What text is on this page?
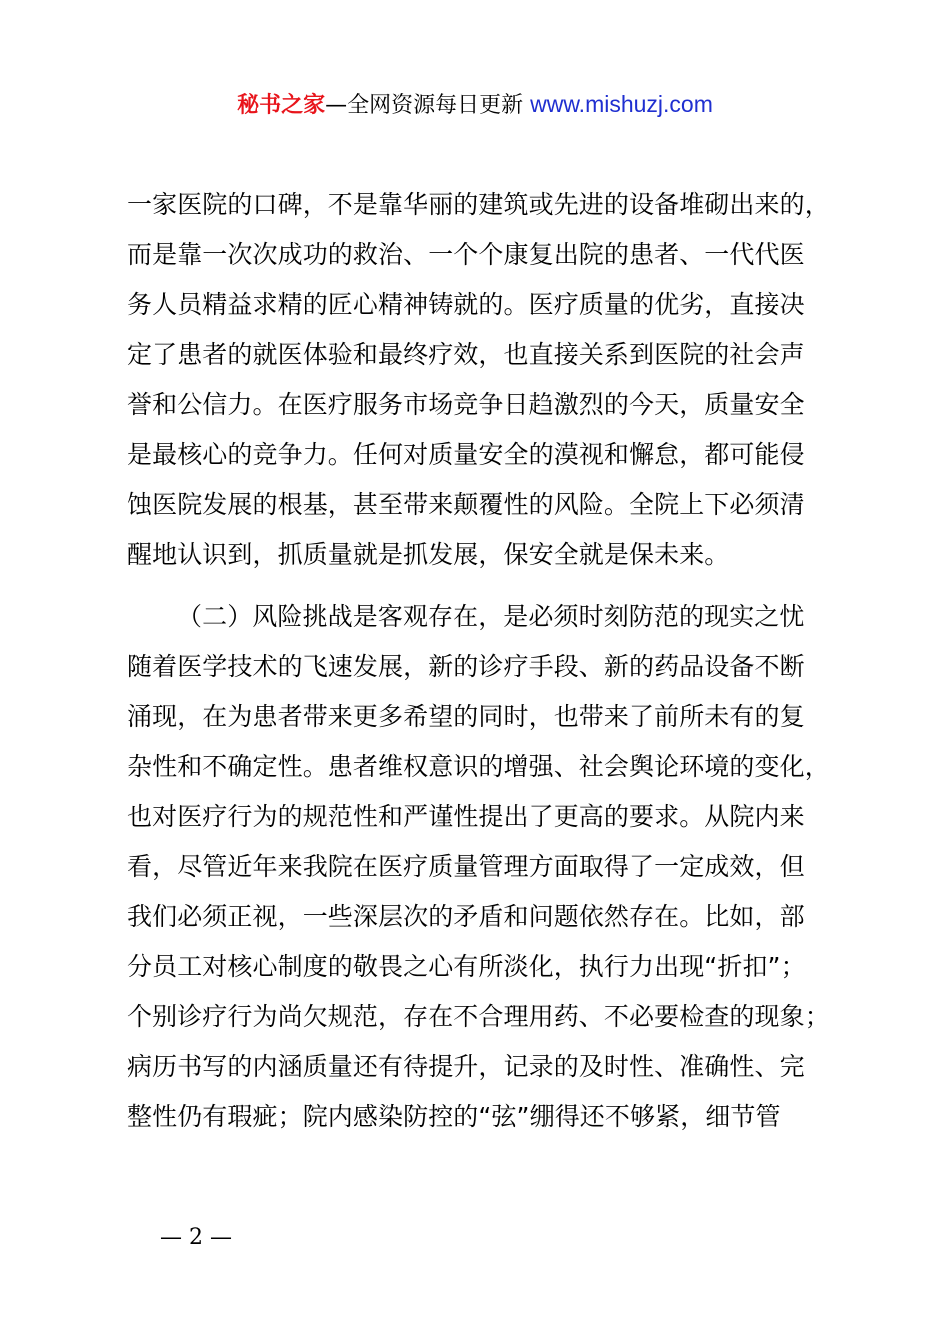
秘书之家—全网资源每日更新 www.mishuzj.com
一家医院的口碑，不是靠华丽的建筑或先进的设备堆砌出来的，
而是靠一次次成功的救治、一个个康复出院的患者、一代代医
务人员精益求精的匠心精神铸就的。医疗质量的优劣，直接决
定了患者的就医体验和最终疗效，也直接关系到医院的社会声
誉和公信力。在医疗服务市场竞争日趋激烈的今天，质量安全
是最核心的竞争力。任何对质量安全的漠视和懈怠，都可能侵
蚀医院发展的根基，甚至带来颠覆性的风险。全院上下必须清
醒地认识到，抓质量就是抓发展，保安全就是保未来。
（二）风险挑战是客观存在，是必须时刻防范的现实之忧
随着医学技术的飞速发展，新的诊疗手段、新的药品设备不断
涌现，在为患者带来更多希望的同时，也带来了前所未有的复
杂性和不确定性。患者维权意识的增强、社会舆论环境的变化，
也对医疗行为的规范性和严谨性提出了更高的要求。从院内来
看，尽管近年来我院在医疗质量管理方面取得了一定成效，但
我们必须正视，一些深层次的矛盾和问题依然存在。比如，部
分员工对核心制度的敬畏之心有所淡化，执行力出现“折扣”；
个别诊疗行为尚欠规范，存在不合理用药、不必要检查的现象；
病历书写的内涵质量还有待提升，记录的及时性、准确性、完
整性仍有瑕疵；院内感染防控的“弦”绷得还不够紧，细节管
— 2 —
